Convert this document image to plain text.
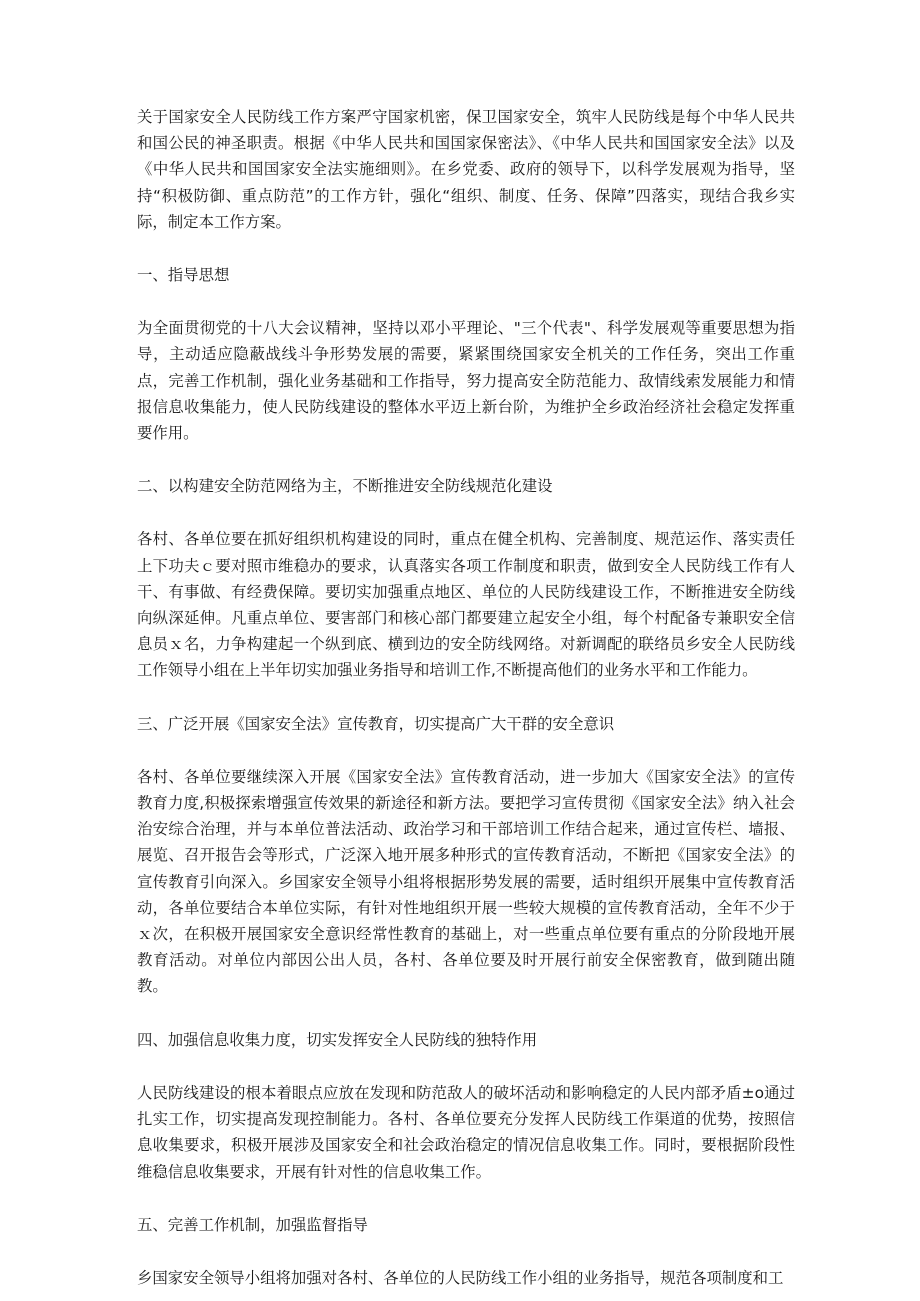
关于国家安全人民防线工作方案严守国家机密，保卫国家安全，筑牢人民防线是每个中华人民共和国公民的神圣职责。根据《中华人民共和国国家保密法》、《中华人民共和国国家安全法》以及《中华人民共和国国家安全法实施细则》。在乡党委、政府的领导下，以科学发展观为指导，坚持“积极防御、重点防范”的工作方针，强化“组织、制度、任务、保障”四落实，现结合我乡实际，制定本工作方案。

一、指导思想

为全面贯彻党的十八大会议精神，坚持以邓小平理论、"三个代表"、科学发展观等重要思想为指导，主动适应隐蔽战线斗争形势发展的需要，紧紧围绕国家安全机关的工作任务，突出工作重点，完善工作机制，强化业务基础和工作指导，努力提高安全防范能力、敌情线索发展能力和情报信息收集能力，使人民防线建设的整体水平迈上新台阶，为维护全乡政治经济社会稳定发挥重要作用。

二、以构建安全防范网络为主，不断推进安全防线规范化建设

各村、各单位要在抓好组织机构建设的同时，重点在健全机构、完善制度、规范运作、落实责任上下功夫ｃ要对照市维稳办的要求，认真落实各项工作制度和职责，做到安全人民防线工作有人干、有事做、有经费保障。要切实加强重点地区、单位的人民防线建设工作，不断推进安全防线向纵深延伸。凡重点单位、要害部门和核心部门都要建立起安全小组，每个村配备专兼职安全信息员ｘ名，力争构建起一个纵到底、横到边的安全防线网络。对新调配的联络员乡安全人民防线工作领导小组在上半年切实加强业务指导和培训工作,不断提高他们的业务水平和工作能力。

三、广泛开展《国家安全法》宣传教育，切实提高广大干群的安全意识

各村、各单位要继续深入开展《国家安全法》宣传教育活动，进一步加大《国家安全法》的宣传教育力度,积极探索增强宣传效果的新途径和新方法。要把学习宣传贯彻《国家安全法》纳入社会治安综合治理，并与本单位普法活动、政治学习和干部培训工作结合起来，通过宣传栏、墙报、展览、召开报告会等形式，广泛深入地开展多种形式的宣传教育活动，不断把《国家安全法》的宣传教育引向深入。乡国家安全领导小组将根据形势发展的需要，适时组织开展集中宣传教育活动，各单位要结合本单位实际，有针对性地组织开展一些较大规模的宣传教育活动，全年不少于ｘ次，在积极开展国家安全意识经常性教育的基础上，对一些重点单位要有重点的分阶段地开展教育活动。对单位内部因公出人员，各村、各单位要及时开展行前安全保密教育，做到随出随教。

四、加强信息收集力度，切实发挥安全人民防线的独特作用

人民防线建设的根本着眼点应放在发现和防范敌人的破坏活动和影响稳定的人民内部矛盾±o通过扎实工作，切实提高发现控制能力。各村、各单位要充分发挥人民防线工作渠道的优势，按照信息收集要求，积极开展涉及国家安全和社会政治稳定的情况信息收集工作。同时，要根据阶段性维稳信息收集要求，开展有针对性的信息收集工作。

五、完善工作机制，加强监督指导

乡国家安全领导小组将加强对各村、各单位的人民防线工作小组的业务指导，规范各项制度和工
